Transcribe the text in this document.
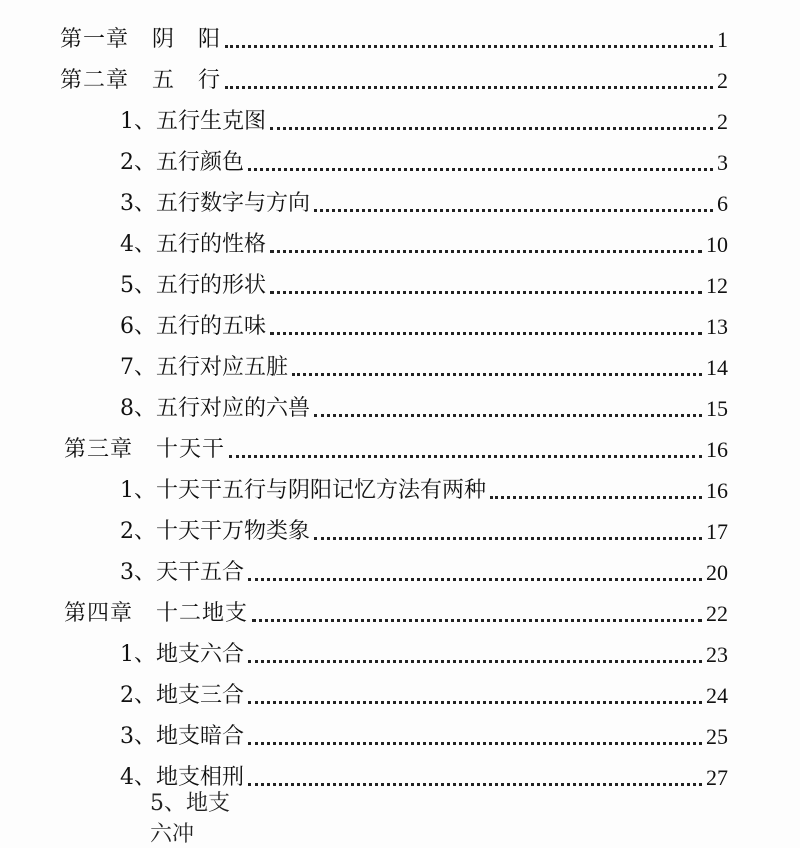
第一章　阴　阳	1
第二章　五　行	2
1、五行生克图	2
2、五行颜色	3
3、五行数字与方向	6
4、五行的性格	10
5、五行的形状	12
6、五行的五味	13
7、五行对应五脏	14
8、五行对应的六兽	15
第三章　十天干	16
1、十天干五行与阴阳记忆方法有两种	16
2、十天干万物类象	17
3、天干五合	20
第四章　十二地支	22
1、地支六合	23
2、地支三合	24
3、地支暗合	25
4、地支相刑	27
5、地支六冲
